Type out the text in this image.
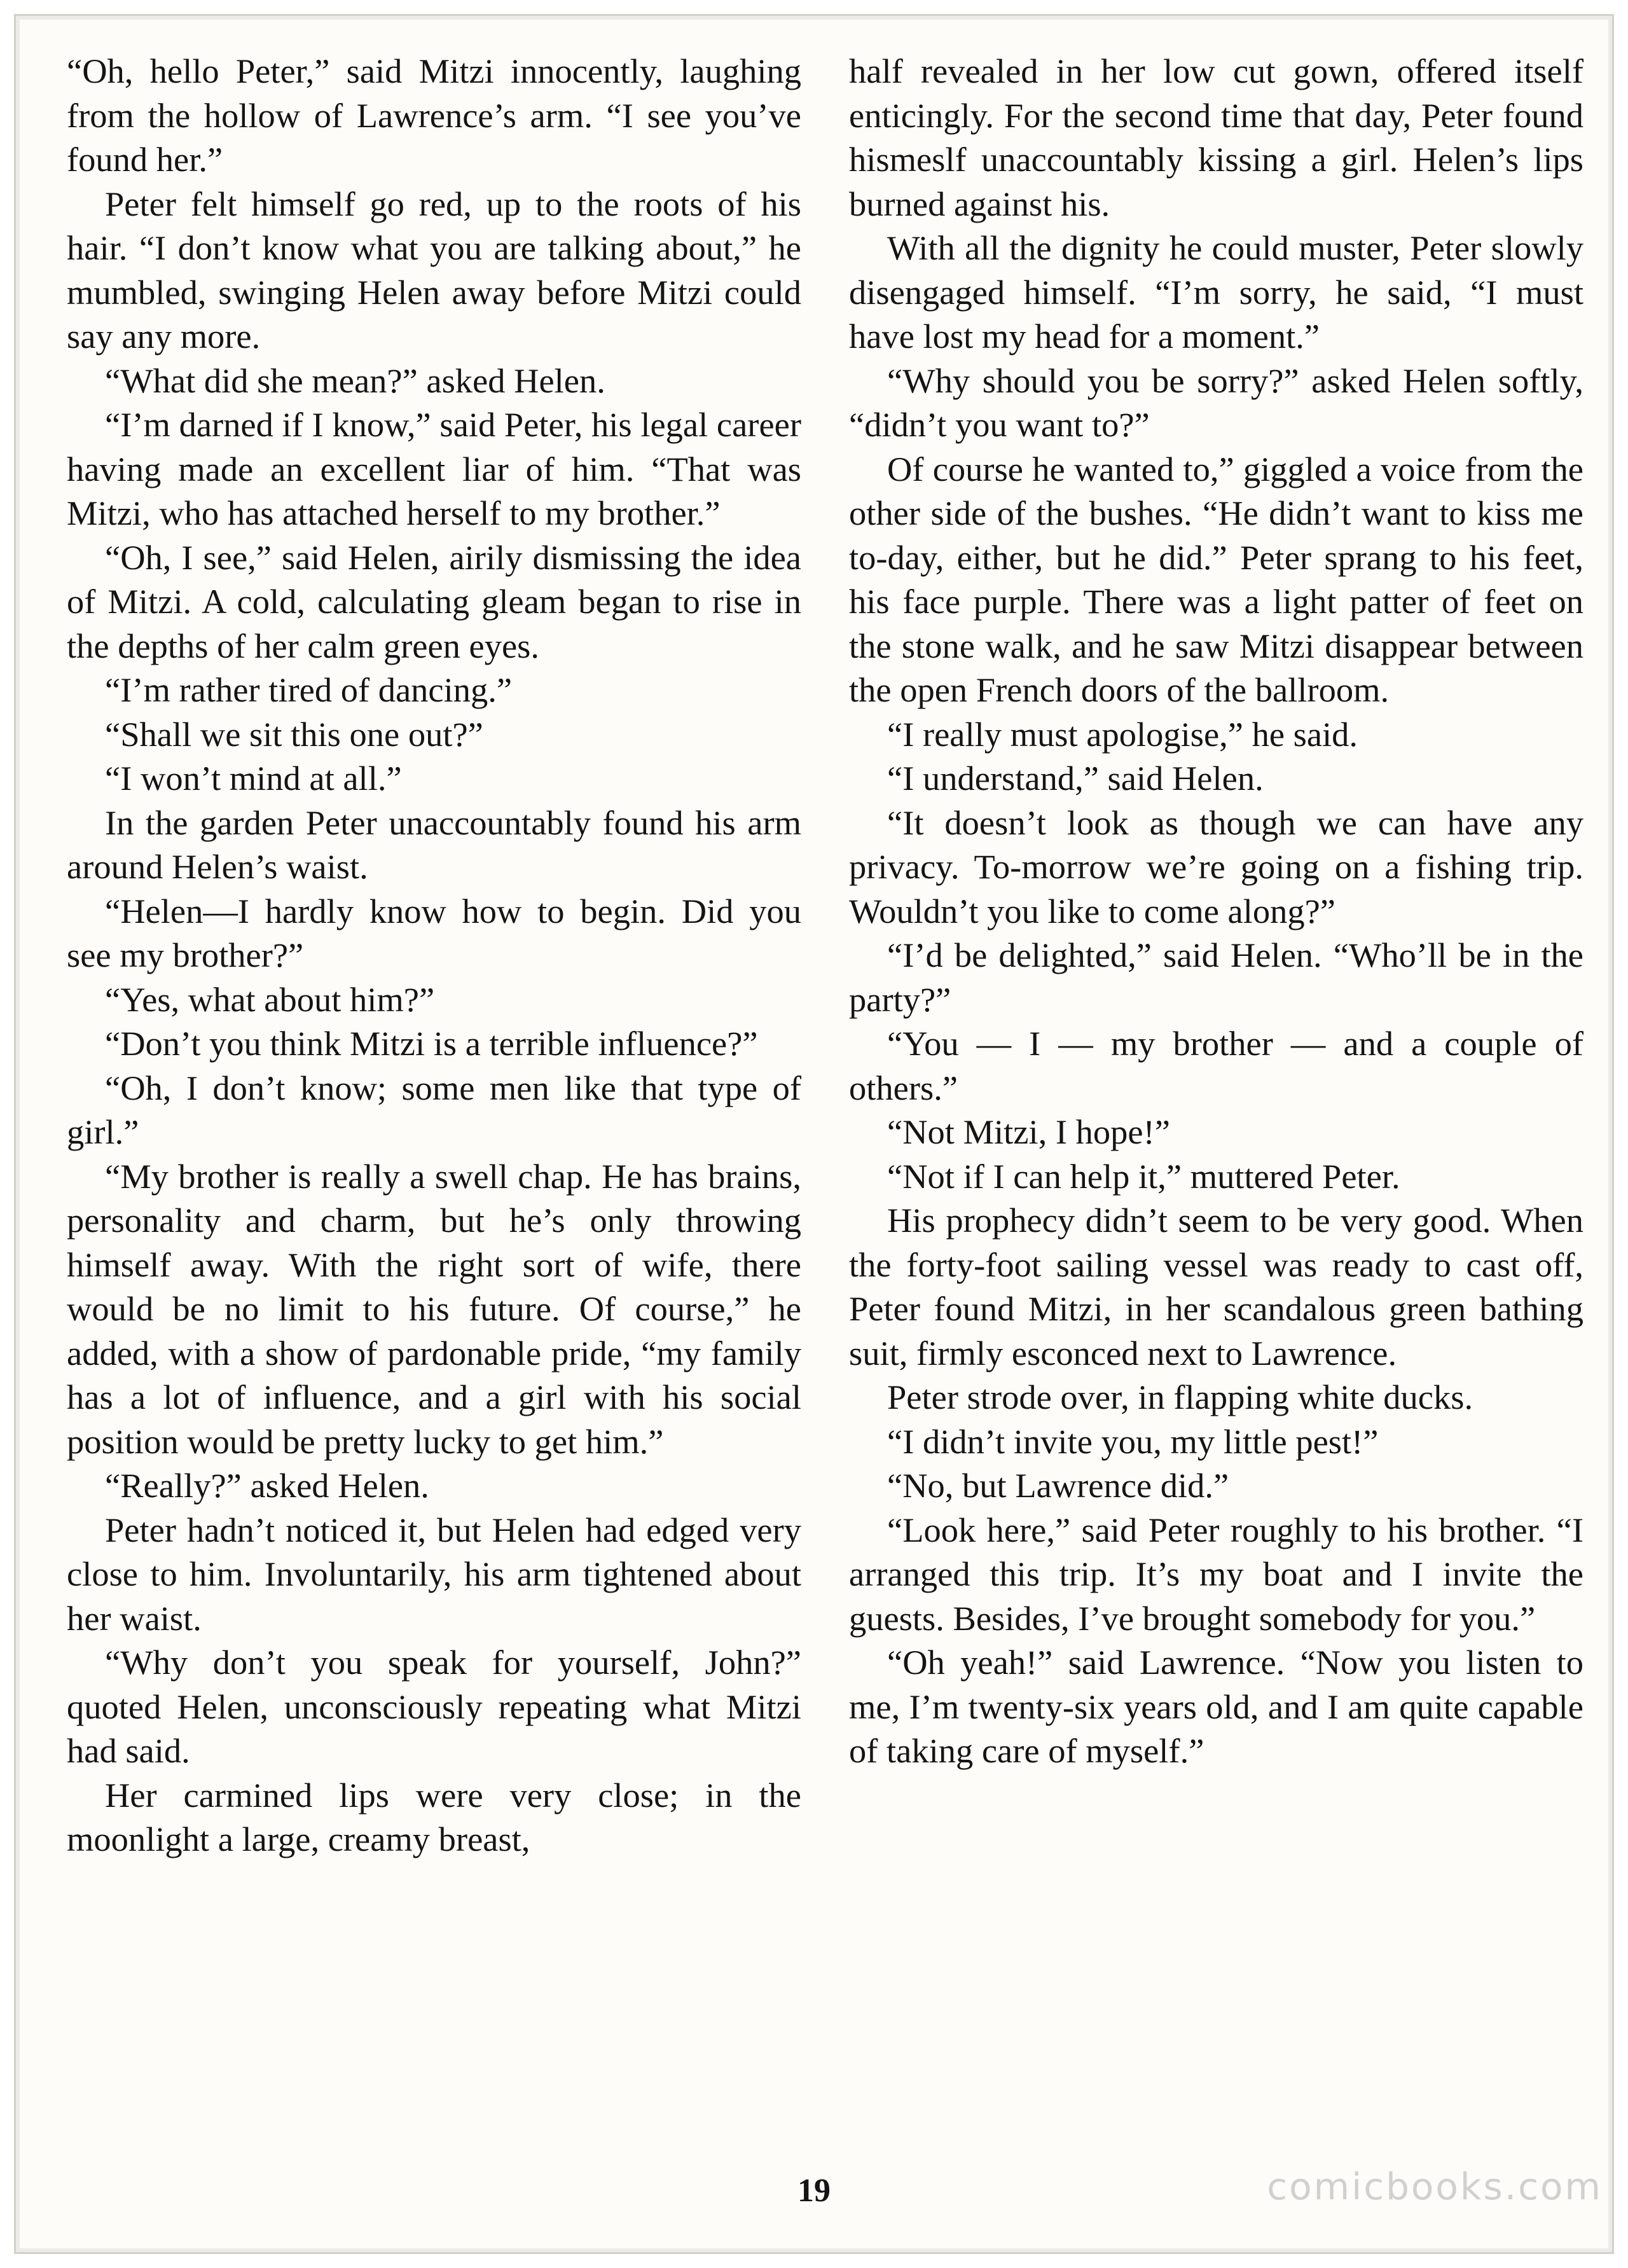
“Oh, hello Peter,” said Mitzi innocently, laughing from the hollow of Lawrence’s arm. “I see you’ve found her.”

Peter felt himself go red, up to the roots of his hair. “I don’t know what you are talking about,” he mumbled, swinging Helen away before Mitzi could say any more.

“What did she mean?” asked Helen.

“I’m darned if I know,” said Peter, his legal career having made an excellent liar of him. “That was Mitzi, who has attached herself to my brother.”

“Oh, I see,” said Helen, airily dismissing the idea of Mitzi. A cold, calculating gleam began to rise in the depths of her calm green eyes.

“I’m rather tired of dancing.”

“Shall we sit this one out?”

“I won’t mind at all.”

In the garden Peter unaccountably found his arm around Helen’s waist.

“Helen—I hardly know how to begin. Did you see my brother?”

“Yes, what about him?”

“Don’t you think Mitzi is a terrible influence?”

“Oh, I don’t know; some men like that type of girl.”

“My brother is really a swell chap. He has brains, personality and charm, but he’s only throwing himself away. With the right sort of wife, there would be no limit to his future. Of course,” he added, with a show of pardonable pride, “my family has a lot of influence, and a girl with his social position would be pretty lucky to get him.”

“Really?” asked Helen.

Peter hadn’t noticed it, but Helen had edged very close to him. Involuntarily, his arm tightened about her waist.

“Why don’t you speak for yourself, John?” quoted Helen, unconsciously repeating what Mitzi had said.

Her carmined lips were very close; in the moonlight a large, creamy breast,

half revealed in her low cut gown, offered itself enticingly. For the second time that day, Peter found hismeslf unaccountably kissing a girl. Helen’s lips burned against his.

With all the dignity he could muster, Peter slowly disengaged himself. “I’m sorry, he said, “I must have lost my head for a moment.”

“Why should you be sorry?” asked Helen softly, “didn’t you want to?”

Of course he wanted to,” giggled a voice from the other side of the bushes. “He didn’t want to kiss me to-day, either, but he did.” Peter sprang to his feet, his face purple. There was a light patter of feet on the stone walk, and he saw Mitzi disappear between the open French doors of the ballroom.

“I really must apologise,” he said.

“I understand,” said Helen.

“It doesn’t look as though we can have any privacy. To-morrow we’re going on a fishing trip. Wouldn’t you like to come along?”

“I’d be delighted,” said Helen. “Who’ll be in the party?”

“You — I — my brother — and a couple of others.”

“Not Mitzi, I hope!”

“Not if I can help it,” muttered Peter.

His prophecy didn’t seem to be very good. When the forty-foot sailing vessel was ready to cast off, Peter found Mitzi, in her scandalous green bathing suit, firmly esconced next to Lawrence.

Peter strode over, in flapping white ducks.

“I didn’t invite you, my little pest!”

“No, but Lawrence did.”

“Look here,” said Peter roughly to his brother. “I arranged this trip. It’s my boat and I invite the guests. Besides, I’ve brought somebody for you.”

“Oh yeah!” said Lawrence. “Now you listen to me, I’m twenty-six years old, and I am quite capable of taking care of myself.”

19	comicbooks.com
